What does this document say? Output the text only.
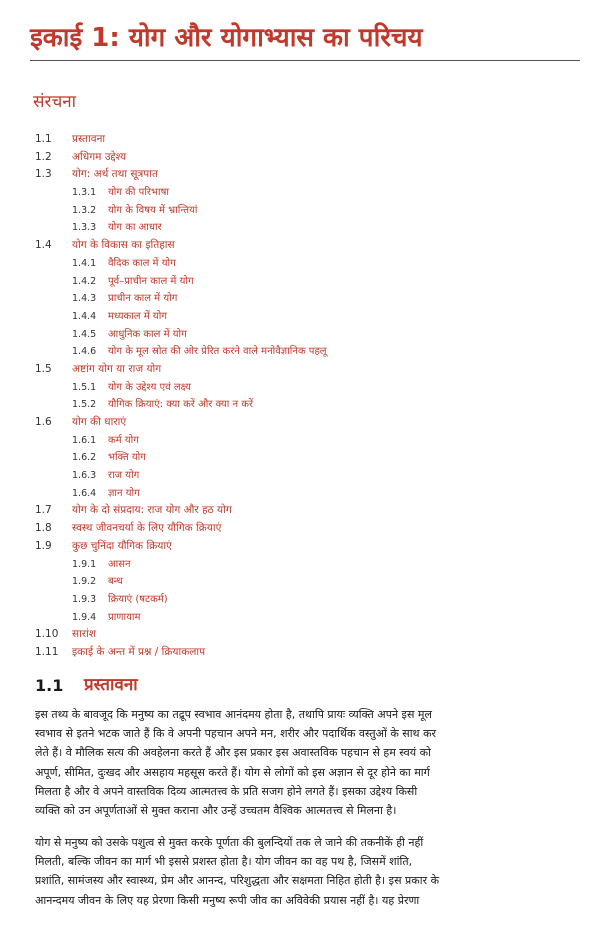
इकाई 1: योग और योगाभ्यास का परिचय
संरचना
1.1 प्रस्तावना
1.2 अधिगम उद्देश्य
1.3 योग: अर्थ तथा सूत्रपात
1.3.1 योग की परिभाषा
1.3.2 योग के विषय में भ्रान्तियां
1.3.3 योग का आधार
1.4 योग के विकास का इतिहास
1.4.1 वैदिक काल में योग
1.4.2 पूर्व–प्राचीन काल में योग
1.4.3 प्राचीन काल में योग
1.4.4 मध्यकाल में योग
1.4.5 आधुनिक काल में योग
1.4.6 योग के मूल स्रोत की ओर प्रेरित करने वाले मनोवैज्ञानिक पहलू
1.5 अष्टांग योग या राज योग
1.5.1 योग के उद्देश्य एवं लक्ष्य
1.5.2 यौगिक क्रियाएं: क्या करें और क्या न करें
1.6 योग की धाराएं
1.6.1 कर्म योग
1.6.2 भक्ति योग
1.6.3 राज योग
1.6.4 ज्ञान योग
1.7 योग के दो संप्रदाय: राज योग और हठ योग
1.8 स्वस्थ जीवनचर्या के लिए यौगिक क्रियाएं
1.9 कुछ चुनिंदा यौगिक क्रियाएं
1.9.1 आसन
1.9.2 बन्ध
1.9.3 क्रियाएं (षटकर्म)
1.9.4 प्राणायाम
1.10 सारांश
1.11 इकाई के अन्त में प्रश्न / क्रियाकलाप
1.1 प्रस्तावना
इस तथ्य के बावजूद कि मनुष्य का तद्रूप स्वभाव आनंदमय होता है, तथापि प्रायः व्यक्ति अपने इस मूल
स्वभाव से इतने भटक जाते हैं कि वे अपनी पहचान अपने मन, शरीर और पदार्थिक वस्तुओं के साथ कर
लेते हैं। वे मौलिक सत्य की अवहेलना करते हैं और इस प्रकार इस अवास्तविक पहचान से हम स्वयं को
अपूर्ण, सीमित, दुःखद और असहाय महसूस करते हैं। योग से लोगों को इस अज्ञान से दूर होने का मार्ग
मिलता है और वे अपने वास्तविक दिव्य आत्मतत्त्व के प्रति सजग होने लगते हैं। इसका उद्देश्य किसी
व्यक्ति को उन अपूर्णताओं से मुक्त कराना और उन्हें उच्चतम वैश्विक आत्मतत्त्व से मिलना है।
योग से मनुष्य को उसके पशुत्व से मुक्त करके पूर्णता की बुलन्दियों तक ले जाने की तकनीकें ही नहीं
मिलती, बल्कि जीवन का मार्ग भी इससे प्रशस्त होता है। योग जीवन का वह पथ है, जिसमें शांति,
प्रशांति, सामंजस्य और स्वास्थ्य, प्रेम और आनन्द, परिशुद्धता और सक्षमता निहित होती है। इस प्रकार के
आनन्दमय जीवन के लिए यह प्रेरणा किसी मनुष्य रूपी जीव का अविवेकी प्रयास नहीं है। यह प्रेरणा
